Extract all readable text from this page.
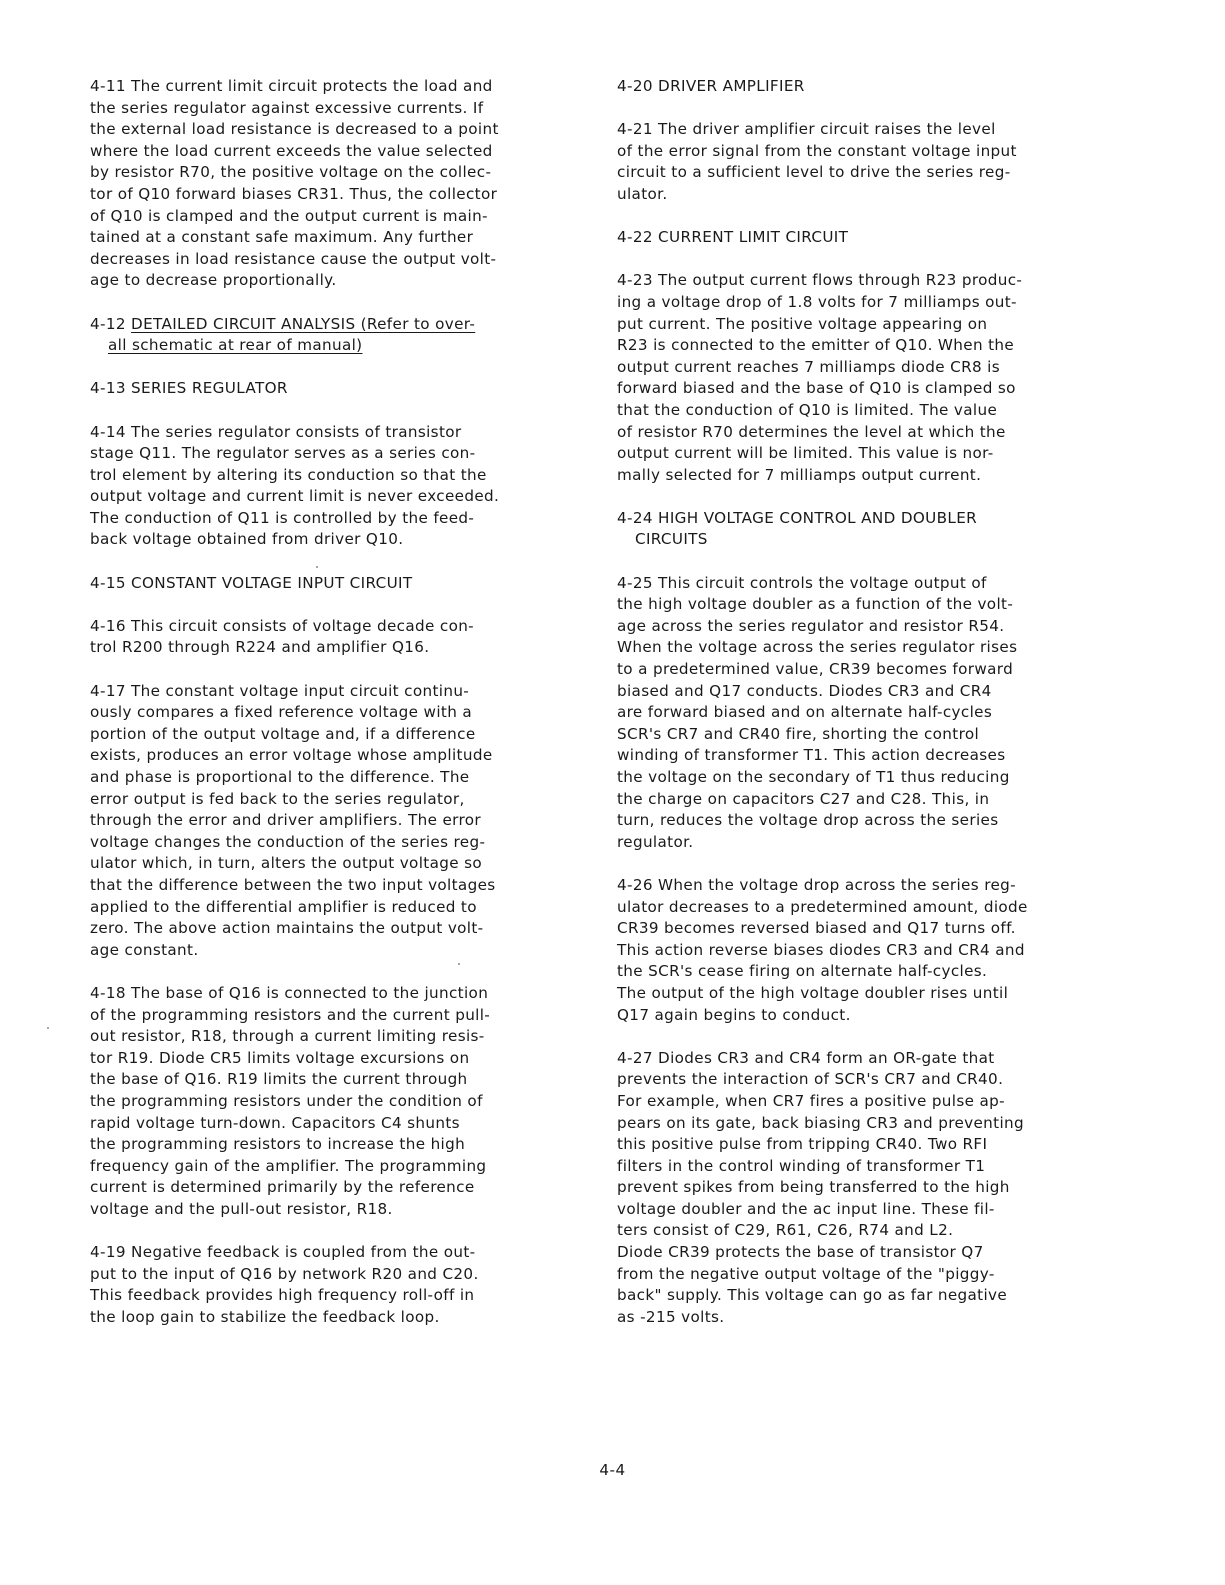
4-11 The current limit circuit protects the load and
the series regulator against excessive currents. If
the external load resistance is decreased to a point
where the load current exceeds the value selected
by resistor R70, the positive voltage on the collec-
tor of Q10 forward biases CR31. Thus, the collector
of Q10 is clamped and the output current is main-
tained at a constant safe maximum. Any further
decreases in load resistance cause the output volt-
age to decrease proportionally.

4-12 DETAILED CIRCUIT ANALYSIS (Refer to over-
all schematic at rear of manual)

4-13 SERIES REGULATOR

4-14 The series regulator consists of transistor
stage Q11. The regulator serves as a series con-
trol element by altering its conduction so that the
output voltage and current limit is never exceeded.
The conduction of Q11 is controlled by the feed-
back voltage obtained from driver Q10.

4-15 CONSTANT VOLTAGE INPUT CIRCUIT

4-16 This circuit consists of voltage decade con-
trol R200 through R224 and amplifier Q16.

4-17 The constant voltage input circuit continu-
ously compares a fixed reference voltage with a
portion of the output voltage and, if a difference
exists, produces an error voltage whose amplitude
and phase is proportional to the difference. The
error output is fed back to the series regulator,
through the error and driver amplifiers. The error
voltage changes the conduction of the series reg-
ulator which, in turn, alters the output voltage so
that the difference between the two input voltages
applied to the differential amplifier is reduced to
zero. The above action maintains the output volt-
age constant.

4-18 The base of Q16 is connected to the junction
of the programming resistors and the current pull-
out resistor, R18, through a current limiting resis-
tor R19. Diode CR5 limits voltage excursions on
the base of Q16. R19 limits the current through
the programming resistors under the condition of
rapid voltage turn-down. Capacitors C4 shunts
the programming resistors to increase the high
frequency gain of the amplifier. The programming
current is determined primarily by the reference
voltage and the pull-out resistor, R18.

4-19 Negative feedback is coupled from the out-
put to the input of Q16 by network R20 and C20.
This feedback provides high frequency roll-off in
the loop gain to stabilize the feedback loop.

4-20 DRIVER AMPLIFIER

4-21 The driver amplifier circuit raises the level
of the error signal from the constant voltage input
circuit to a sufficient level to drive the series reg-
ulator.

4-22 CURRENT LIMIT CIRCUIT

4-23 The output current flows through R23 produc-
ing a voltage drop of 1.8 volts for 7 milliamps out-
put current. The positive voltage appearing on
R23 is connected to the emitter of Q10. When the
output current reaches 7 milliamps diode CR8 is
forward biased and the base of Q10 is clamped so
that the conduction of Q10 is limited. The value
of resistor R70 determines the level at which the
output current will be limited. This value is nor-
mally selected for 7 milliamps output current.

4-24 HIGH VOLTAGE CONTROL AND DOUBLER
CIRCUITS

4-25 This circuit controls the voltage output of
the high voltage doubler as a function of the volt-
age across the series regulator and resistor R54.
When the voltage across the series regulator rises
to a predetermined value, CR39 becomes forward
biased and Q17 conducts. Diodes CR3 and CR4
are forward biased and on alternate half-cycles
SCR's CR7 and CR40 fire, shorting the control
winding of transformer T1. This action decreases
the voltage on the secondary of T1 thus reducing
the charge on capacitors C27 and C28. This, in
turn, reduces the voltage drop across the series
regulator.

4-26 When the voltage drop across the series reg-
ulator decreases to a predetermined amount, diode
CR39 becomes reversed biased and Q17 turns off.
This action reverse biases diodes CR3 and CR4 and
the SCR's cease firing on alternate half-cycles.
The output of the high voltage doubler rises until
Q17 again begins to conduct.

4-27 Diodes CR3 and CR4 form an OR-gate that
prevents the interaction of SCR's CR7 and CR40.
For example, when CR7 fires a positive pulse ap-
pears on its gate, back biasing CR3 and preventing
this positive pulse from tripping CR40. Two RFI
filters in the control winding of transformer T1
prevent spikes from being transferred to the high
voltage doubler and the ac input line. These fil-
ters consist of C29, R61, C26, R74 and L2.
Diode CR39 protects the base of transistor Q7
from the negative output voltage of the "piggy-
back" supply. This voltage can go as far negative
as -215 volts.

4-4
